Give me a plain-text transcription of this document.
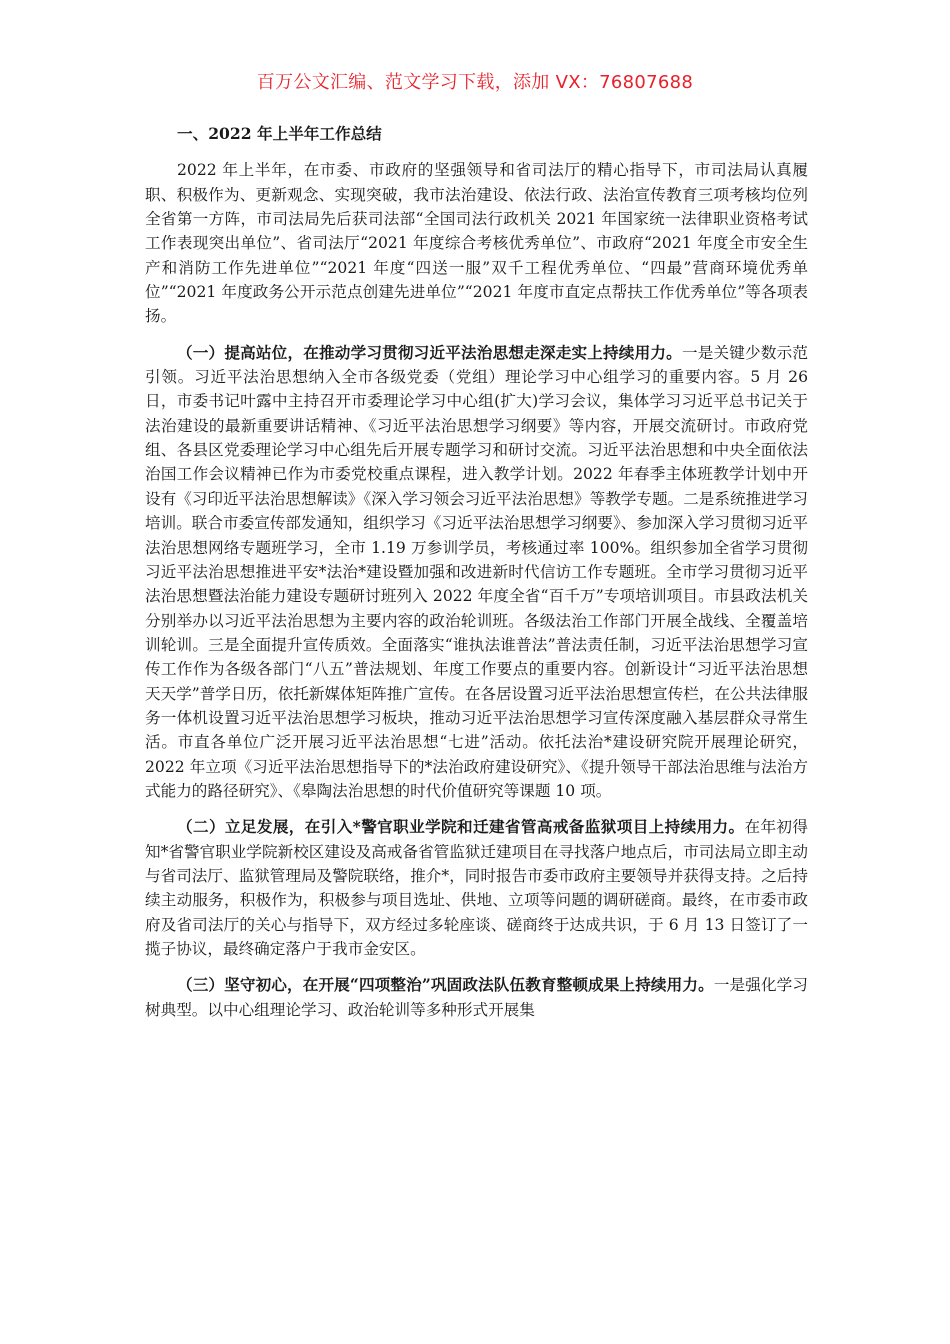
百万公文汇编、范文学习下载，添加 VX：76807688
一、2022 年上半年工作总结

2022 年上半年，在市委、市政府的坚强领导和省司法厅的精心指导下，市司法局认真履职、积极作为、更新观念、实现突破，我市法治建设、依法行政、法治宣传教育三项考核均位列全省第一方阵，市司法局先后获司法部“全国司法行政机关 2021 年国家统一法律职业资格考试工作表现突出单位”、省司法厅“2021 年度综合考核优秀单位”、市政府“2021 年度全市安全生产和消防工作先进单位”“2021 年度“四送一服”双千工程优秀单位、“四最”营商环境优秀单位”“2021 年度政务公开示范点创建先进单位”“2021 年度市直定点帮扶工作优秀单位”等各项表扬。

（一）提高站位，在推动学习贯彻习近平法治思想走深走实上持续用力。一是关键少数示范引领。习近平法治思想纳入全市各级党委（党组）理论学习中心组学习的重要内容。5 月 26 日，市委书记叶露中主持召开市委理论学习中心组(扩大)学习会议，集体学习习近平总书记关于法治建设的最新重要讲话精神、《习近平法治思想学习纲要》等内容，开展交流研讨。市政府党组、各县区党委理论学习中心组先后开展专题学习和研讨交流。习近平法治思想和中央全面依法治国工作会议精神已作为市委党校重点课程，进入教学计划。2022 年春季主体班教学计划中开设有《习印近平法治思想解读》《深入学习领会习近平法治思想》等教学专题。二是系统推进学习培训。联合市委宣传部发通知，组织学习《习近平法治思想学习纲要》、参加深入学习贯彻习近平法治思想网络专题班学习，全市 1.19 万参训学员，考核通过率 100%。组织参加全省学习贯彻习近平法治思想推进平安*法治*建设暨加强和改进新时代信访工作专题班。全市学习贯彻习近平法治思想暨法治能力建设专题研讨班列入 2022 年度全省“百千万”专项培训项目。市县政法机关分别举办以习近平法治思想为主要内容的政治轮训班。各级法治工作部门开展全战线、全覆盖培训轮训。三是全面提升宣传质效。全面落实“谁执法谁普法”普法责任制，习近平法治思想学习宣传工作作为各级各部门“八五”普法规划、年度工作要点的重要内容。创新设计“习近平法治思想天天学”普学日历，依托新媒体矩阵推广宣传。在各居设置习近平法治思想宣传栏，在公共法律服务一体机设置习近平法治思想学习板块，推动习近平法治思想学习宣传深度融入基层群众寻常生活。市直各单位广泛开展习近平法治思想“七进”活动。依托法治*建设研究院开展理论研究，2022 年立项《习近平法治思想指导下的*法治政府建设研究》、《提升领导干部法治思维与法治方式能力的路径研究》、《皋陶法治思想的时代价值研究等课题 10 项。

（二）立足发展，在引入*警官职业学院和迁建省管高戒备监狱项目上持续用力。在年初得知*省警官职业学院新校区建设及高戒备省管监狱迁建项目在寻找落户地点后，市司法局立即主动与省司法厅、监狱管理局及警院联络，推介*，同时报告市委市政府主要领导并获得支持。之后持续主动服务，积极作为，积极参与项目选址、供地、立项等问题的调研磋商。最终，在市委市政府及省司法厅的关心与指导下，双方经过多轮座谈、磋商终于达成共识，于 6 月 13 日签订了一揽子协议，最终确定落户于我市金安区。

（三）坚守初心，在开展“四项整治”巩固政法队伍教育整顿成果上持续用力。一是强化学习树典型。以中心组理论学习、政治轮训等多种形式开展集
